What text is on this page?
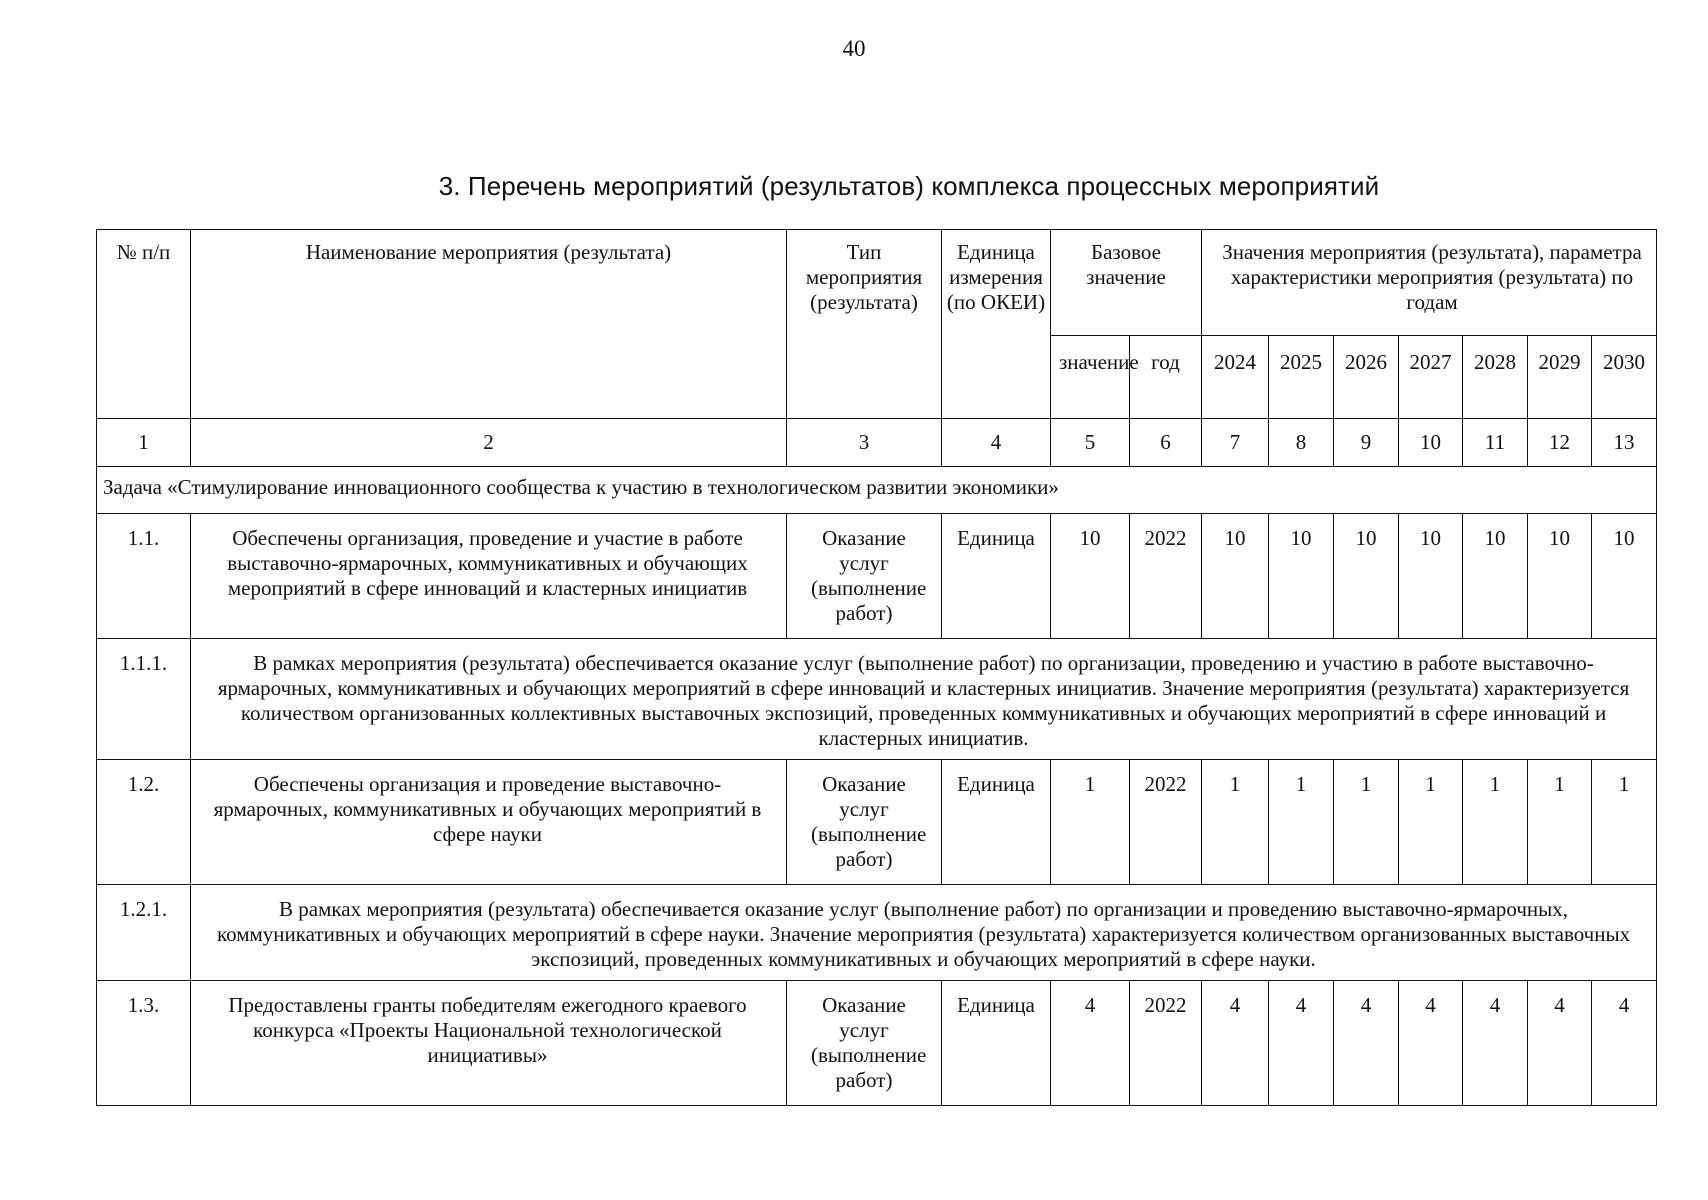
40
3. Перечень мероприятий (результатов) комплекса процессных мероприятий
№ п/п	Наименование мероприятия (результата)	Тип мероприятия (результата)	Единица измерения (по ОКЕИ)	Базовое значение		Значения мероприятия (результата), параметра характеристики мероприятия (результата) по годам						
				значение	год	2024	2025	2026	2027	2028	2029	2030
1	2	3	4	5	6	7	8	9	10	11	12	13
Задача «Стимулирование инновационного сообщества к участию в технологическом развитии экономики»												
1.1.	Обеспечены организация, проведение и участие в работе выставочно-ярмарочных, коммуникативных и обучающих мероприятий в сфере инноваций и кластерных инициатив	Оказание услуг (выполнение работ)	Единица	10	2022	10	10	10	10	10	10	10
1.1.1.	В рамках мероприятия (результата) обеспечивается оказание услуг (выполнение работ) по организации, проведению и участию в работе выставочно-ярмарочных, коммуникативных и обучающих мероприятий в сфере инноваций и кластерных инициатив. Значение мероприятия (результата) характеризуется количеством организованных коллективных выставочных экспозиций, проведенных коммуникативных и обучающих мероприятий в сфере инноваций и кластерных инициатив.											
1.2.	Обеспечены организация и проведение выставочно-ярмарочных, коммуникативных и обучающих мероприятий в сфере науки	Оказание услуг (выполнение работ)	Единица	1	2022	1	1	1	1	1	1	1
1.2.1.	В рамках мероприятия (результата) обеспечивается оказание услуг (выполнение работ) по организации и проведению выставочно-ярмарочных, коммуникативных и обучающих мероприятий в сфере науки. Значение мероприятия (результата) характеризуется количеством организованных выставочных экспозиций, проведенных коммуникативных и обучающих мероприятий в сфере науки.											
1.3.	Предоставлены гранты победителям ежегодного краевого конкурса «Проекты Национальной технологической инициативы»	Оказание услуг (выполнение работ)	Единица	4	2022	4	4	4	4	4	4	4
